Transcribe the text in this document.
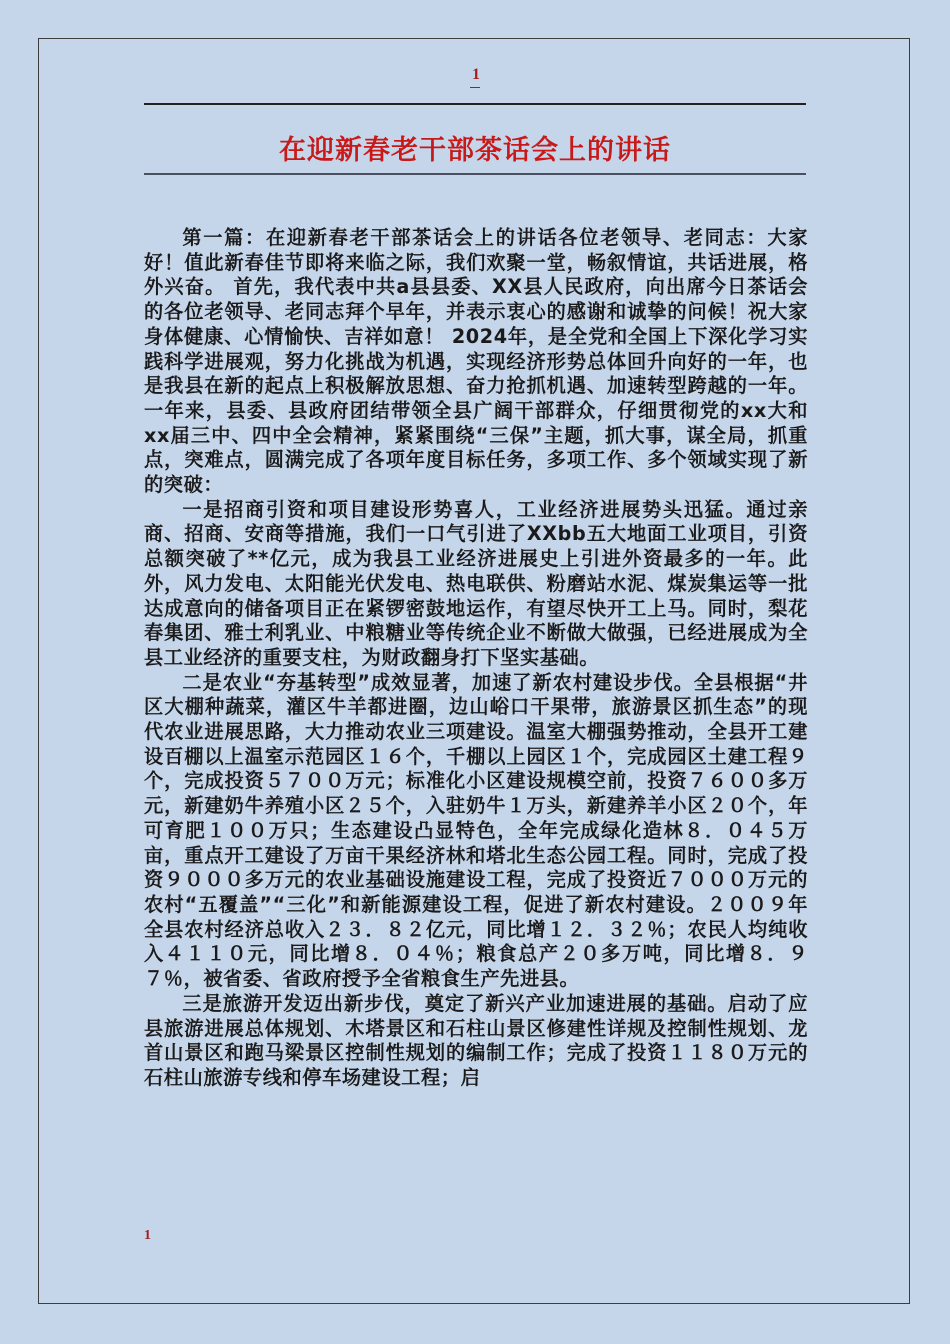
1
在迎新春老干部茶话会上的讲话

第一篇：在迎新春老干部茶话会上的讲话各位老领导、老同志：大家好！值此新春佳节即将来临之际，我们欢聚一堂，畅叙情谊，共话进展，格外兴奋。 首先，我代表中共a县县委、XX县人民政府，向出席今日茶话会的各位老领导、老同志拜个早年，并表示衷心的感谢和诚挚的问候！祝大家身体健康、心情愉快、吉祥如意！ 2024年，是全党和全国上下深化学习实践科学进展观，努力化挑战为机遇，实现经济形势总体回升向好的一年，也是我县在新的起点上积极解放思想、奋力抢抓机遇、加速转型跨越的一年。一年来，县委、县政府团结带领全县广阔干部群众，仔细贯彻党的xx大和xx届三中、四中全会精神，紧紧围绕“三保”主题，抓大事，谋全局，抓重点，突难点，圆满完成了各项年度目标任务，多项工作、多个领域实现了新的突破：

一是招商引资和项目建设形势喜人，工业经济进展势头迅猛。通过亲商、招商、安商等措施，我们一口气引进了XXbb五大地面工业项目，引资总额突破了**亿元，成为我县工业经济进展史上引进外资最多的一年。此外，风力发电、太阳能光伏发电、热电联供、粉磨站水泥、煤炭集运等一批达成意向的储备项目正在紧锣密鼓地运作，有望尽快开工上马。同时，梨花春集团、雅士利乳业、中粮糖业等传统企业不断做大做强，已经进展成为全县工业经济的重要支柱，为财政翻身打下坚实基础。

二是农业“夯基转型”成效显著，加速了新农村建设步伐。全县根据“井区大棚种蔬菜，灌区牛羊都进圈，边山峪口干果带，旅游景区抓生态”的现代农业进展思路，大力推动农业三项建设。温室大棚强势推动，全县开工建设百棚以上温室示范园区１６个，千棚以上园区１个，完成园区土建工程９个，完成投资５７００万元；标准化小区建设规模空前，投资７６００多万元，新建奶牛养殖小区２５个，入驻奶牛１万头，新建养羊小区２０个，年可育肥１００万只；生态建设凸显特色，全年完成绿化造林８．０４５万亩，重点开工建设了万亩干果经济林和塔北生态公园工程。同时，完成了投资９０００多万元的农业基础设施建设工程，完成了投资近７０００万元的农村“五覆盖”“三化”和新能源建设工程，促进了新农村建设。２００９年全县农村经济总收入２３．８２亿元，同比增１２．３２％；农民人均纯收入４１１０元，同比增８．０４％；粮食总产２０多万吨，同比增８．９７％，被省委、省政府授予全省粮食生产先进县。

三是旅游开发迈出新步伐，奠定了新兴产业加速进展的基础。启动了应县旅游进展总体规划、木塔景区和石柱山景区修建性详规及控制性规划、龙首山景区和跑马梁景区控制性规划的编制工作；完成了投资１１８０万元的石柱山旅游专线和停车场建设工程；启

1
